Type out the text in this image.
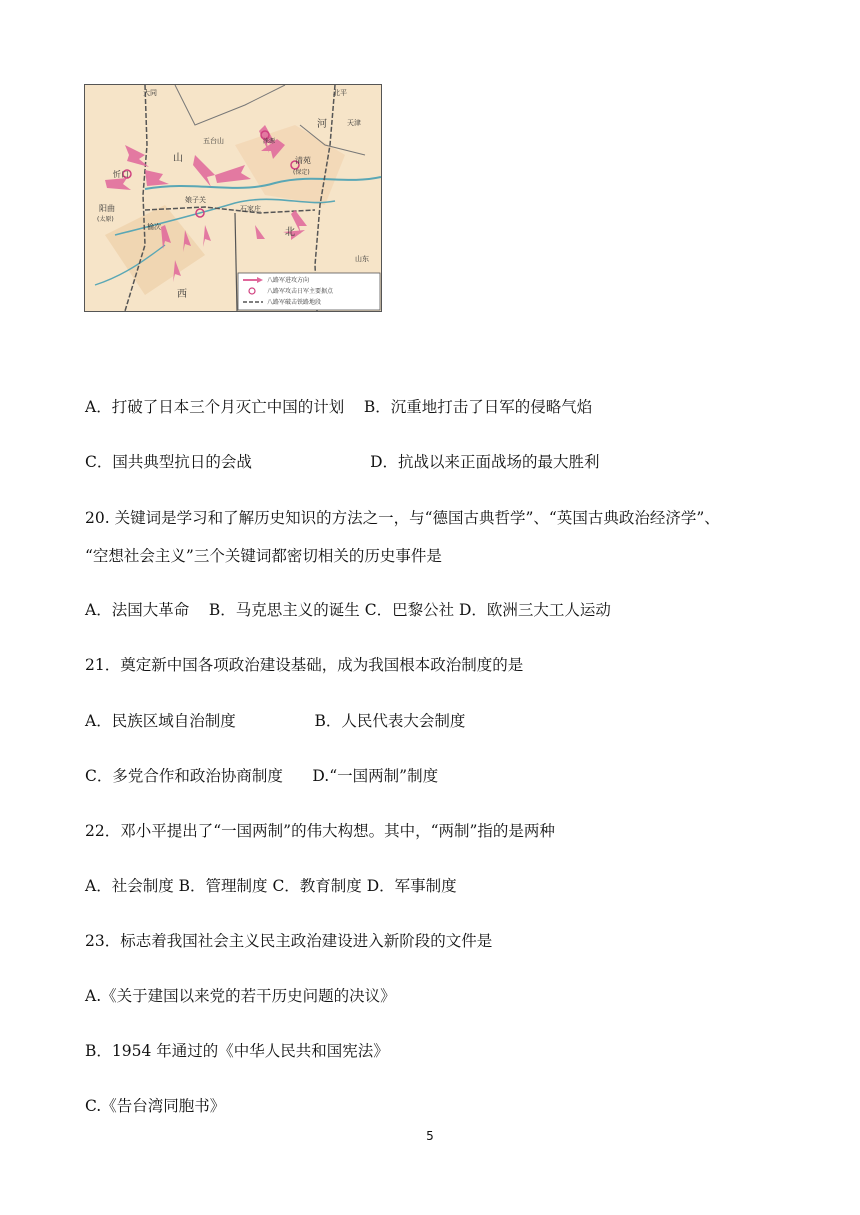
大同	北平
天津
五台山	涞源
清苑
(保定)
忻口
山
河
娘子关
石家庄
阳曲
(太原)
榆次	北
西
山东
八路军进攻方向
八路军攻击日军主要据点
八路军破击铁路地段
A．打破了日本三个月灭亡中国的计划    B．沉重地打击了日军的侵略气焰
C．国共典型抗日的会战                        D．抗战以来正面战场的最大胜利
20. 关键词是学习和了解历史知识的方法之一，与“德国古典哲学”、“英国古典政治经济学”、
“空想社会主义”三个关键词都密切相关的历史事件是
A．法国大革命    B．马克思主义的诞生 C．巴黎公社 D．欧洲三大工人运动
21．奠定新中国各项政治建设基础，成为我国根本政治制度的是
A．民族区域自治制度                B．人民代表大会制度
C．多党合作和政治协商制度      D.“一国两制”制度
22．邓小平提出了“一国两制”的伟大构想。其中，“两制”指的是两种
A．社会制度 B．管理制度 C．教育制度 D．军事制度
23．标志着我国社会主义民主政治建设进入新阶段的文件是
A.《关于建国以来党的若干历史问题的决议》
B．1954 年通过的《中华人民共和国宪法》
C.《告台湾同胞书》
5
